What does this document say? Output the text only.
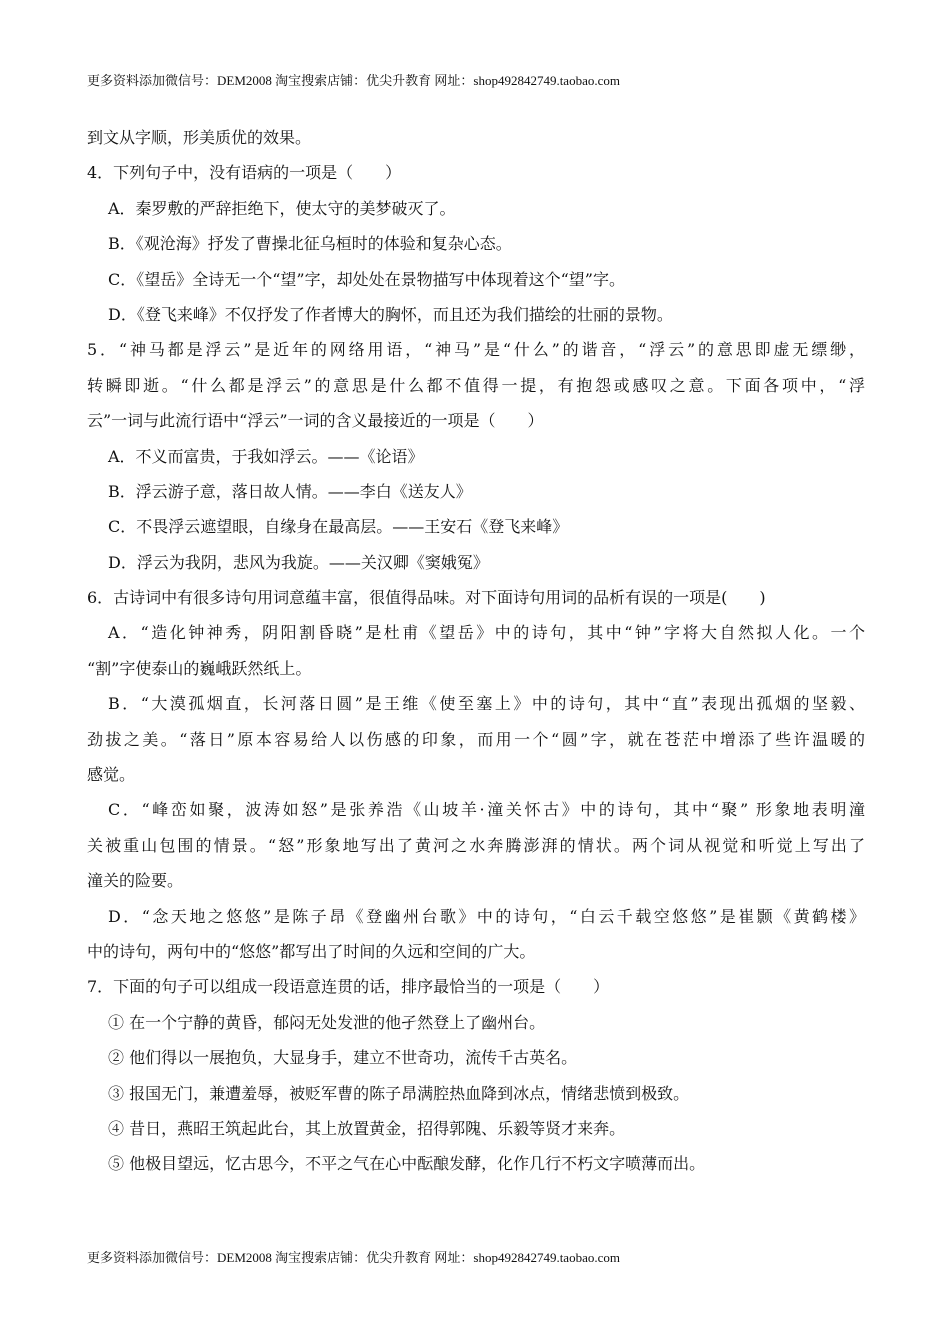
更多资料添加微信号：DEM2008 淘宝搜索店铺：优尖升教育 网址：shop492842749.taobao.com
到文从字顺，形美质优的效果。
4．下列句子中，没有语病的一项是（　　）
A．秦罗敷的严辞拒绝下，使太守的美梦破灭了。
B．《观沧海》抒发了曹操北征乌桓时的体验和复杂心态。
C．《望岳》全诗无一个“望”字，却处处在景物描写中体现着这个“望”字。
D．《登飞来峰》不仅抒发了作者博大的胸怀，而且还为我们描绘的壮丽的景物。
5．“神马都是浮云”是近年的网络用语，“神马”是“什么”的谐音，“浮云”的意思即虚无缥缈，
转瞬即逝。“什么都是浮云”的意思是什么都不值得一提，有抱怨或感叹之意。下面各项中，“浮
云”一词与此流行语中“浮云”一词的含义最接近的一项是（　　）
A．不义而富贵，于我如浮云。——《论语》
B．浮云游子意，落日故人情。——李白《送友人》
C．不畏浮云遮望眼，自缘身在最高层。——王安石《登飞来峰》
D．浮云为我阴，悲风为我旋。——关汉卿《窦娥冤》
6．古诗词中有很多诗句用词意蕴丰富，很值得品味。对下面诗句用词的品析有误的一项是(　　)
A．“造化钟神秀，阴阳割昏晓”是杜甫《望岳》中的诗句，其中“钟”字将大自然拟人化。一个
“割”字使泰山的巍峨跃然纸上。
B．“大漠孤烟直，长河落日圆”是王维《使至塞上》中的诗句，其中“直”表现出孤烟的坚毅、
劲拔之美。“落日”原本容易给人以伤感的印象，而用一个“圆”字，就在苍茫中增添了些许温暖的
感觉。
C．“峰峦如聚，波涛如怒”是张养浩《山坡羊·潼关怀古》中的诗句，其中“聚” 形象地表明潼
关被重山包围的情景。“怒”形象地写出了黄河之水奔腾澎湃的情状。两个词从视觉和听觉上写出了
潼关的险要。
D．“念天地之悠悠”是陈子昂《登幽州台歌》中的诗句，“白云千载空悠悠”是崔颢《黄鹤楼》
中的诗句，两句中的“悠悠”都写出了时间的久远和空间的广大。
7．下面的句子可以组成一段语意连贯的话，排序最恰当的一项是（　　）
① 在一个宁静的黄昏，郁闷无处发泄的他孑然登上了幽州台。
② 他们得以一展抱负，大显身手，建立不世奇功，流传千古英名。
③ 报国无门，兼遭羞辱，被贬军曹的陈子昂满腔热血降到冰点，情绪悲愤到极致。
④ 昔日，燕昭王筑起此台，其上放置黄金，招得郭隗、乐毅等贤才来奔。
⑤ 他极目望远，忆古思今，不平之气在心中酝酿发酵，化作几行不朽文字喷薄而出。
更多资料添加微信号：DEM2008 淘宝搜索店铺：优尖升教育 网址：shop492842749.taobao.com
